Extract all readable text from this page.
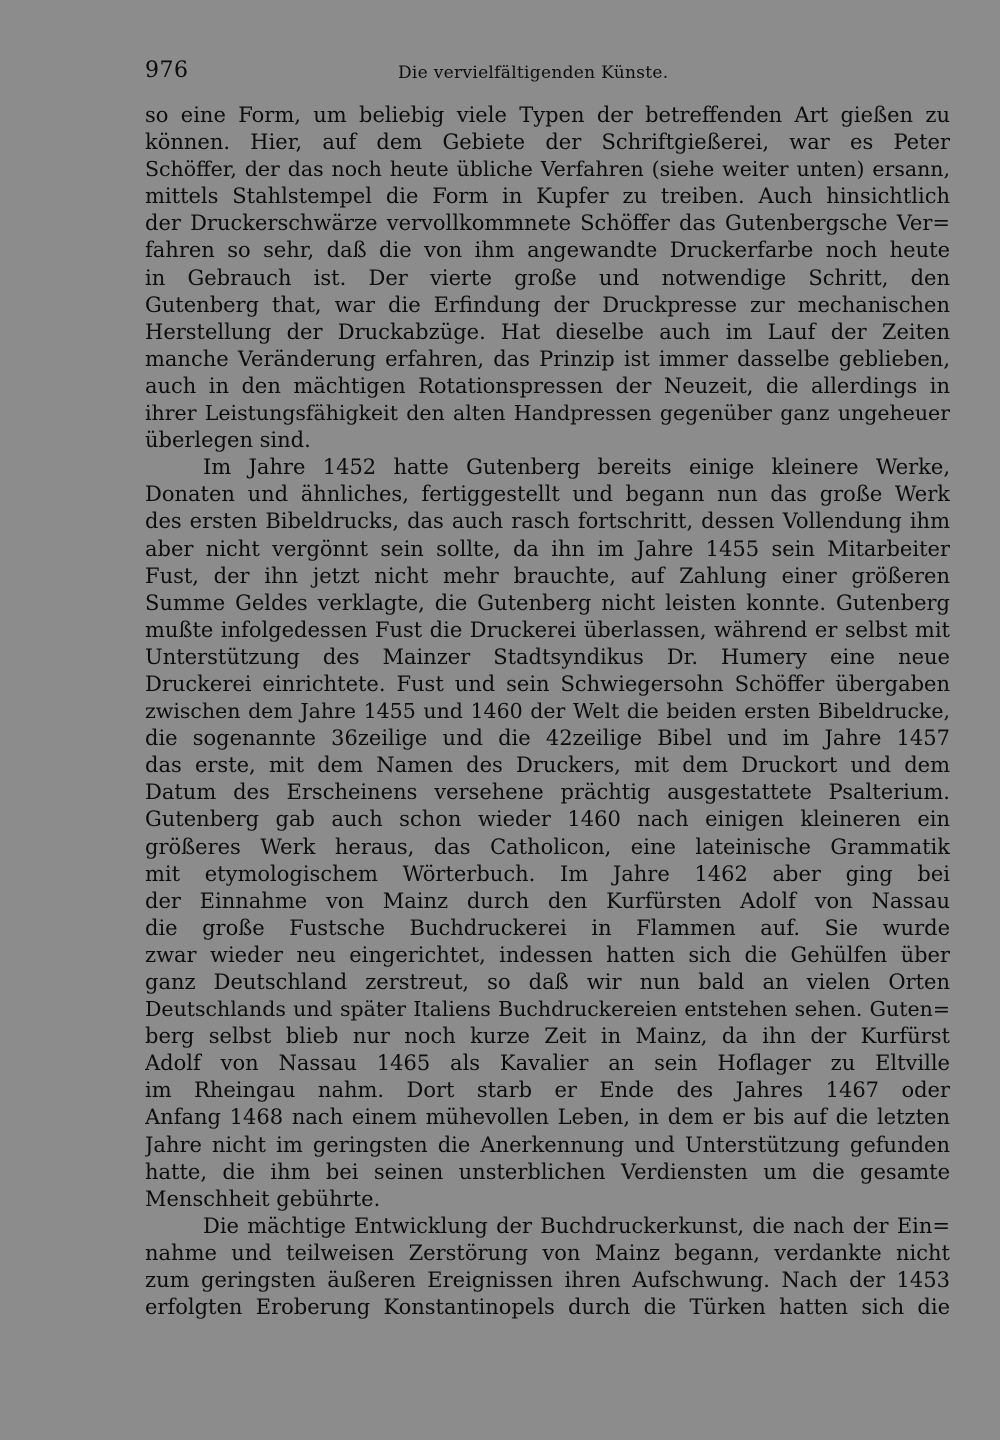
976	Die vervielfältigenden Künste.
so eine Form, um beliebig viele Typen der betreffenden Art gießen zu
können. Hier, auf dem Gebiete der Schriftgießerei, war es Peter
Schöffer, der das noch heute übliche Verfahren (siehe weiter unten) ersann,
mittels Stahlstempel die Form in Kupfer zu treiben. Auch hinsichtlich
der Druckerschwärze vervollkommnete Schöffer das Gutenbergsche Ver=
fahren so sehr, daß die von ihm angewandte Druckerfarbe noch heute
in Gebrauch ist. Der vierte große und notwendige Schritt, den
Gutenberg that, war die Erfindung der Druckpresse zur mechanischen
Herstellung der Druckabzüge. Hat dieselbe auch im Lauf der Zeiten
manche Veränderung erfahren, das Prinzip ist immer dasselbe geblieben,
auch in den mächtigen Rotationspressen der Neuzeit, die allerdings in
ihrer Leistungsfähigkeit den alten Handpressen gegenüber ganz ungeheuer
überlegen sind.
Im Jahre 1452 hatte Gutenberg bereits einige kleinere Werke,
Donaten und ähnliches, fertiggestellt und begann nun das große Werk
des ersten Bibeldrucks, das auch rasch fortschritt, dessen Vollendung ihm
aber nicht vergönnt sein sollte, da ihn im Jahre 1455 sein Mitarbeiter
Fust, der ihn jetzt nicht mehr brauchte, auf Zahlung einer größeren
Summe Geldes verklagte, die Gutenberg nicht leisten konnte. Gutenberg
mußte infolgedessen Fust die Druckerei überlassen, während er selbst mit
Unterstützung des Mainzer Stadtsyndikus Dr. Humery eine neue
Druckerei einrichtete. Fust und sein Schwiegersohn Schöffer übergaben
zwischen dem Jahre 1455 und 1460 der Welt die beiden ersten Bibeldrucke,
die sogenannte 36zeilige und die 42zeilige Bibel und im Jahre 1457
das erste, mit dem Namen des Druckers, mit dem Druckort und dem
Datum des Erscheinens versehene prächtig ausgestattete Psalterium.
Gutenberg gab auch schon wieder 1460 nach einigen kleineren ein
größeres Werk heraus, das Catholicon, eine lateinische Grammatik
mit etymologischem Wörterbuch. Im Jahre 1462 aber ging bei
der Einnahme von Mainz durch den Kurfürsten Adolf von Nassau
die große Fustsche Buchdruckerei in Flammen auf. Sie wurde
zwar wieder neu eingerichtet, indessen hatten sich die Gehülfen über
ganz Deutschland zerstreut, so daß wir nun bald an vielen Orten
Deutschlands und später Italiens Buchdruckereien entstehen sehen. Guten=
berg selbst blieb nur noch kurze Zeit in Mainz, da ihn der Kurfürst
Adolf von Nassau 1465 als Kavalier an sein Hoflager zu Eltville
im Rheingau nahm. Dort starb er Ende des Jahres 1467 oder
Anfang 1468 nach einem mühevollen Leben, in dem er bis auf die letzten
Jahre nicht im geringsten die Anerkennung und Unterstützung gefunden
hatte, die ihm bei seinen unsterblichen Verdiensten um die gesamte
Menschheit gebührte.
Die mächtige Entwicklung der Buchdruckerkunst, die nach der Ein=
nahme und teilweisen Zerstörung von Mainz begann, verdankte nicht
zum geringsten äußeren Ereignissen ihren Aufschwung. Nach der 1453
erfolgten Eroberung Konstantinopels durch die Türken hatten sich die
